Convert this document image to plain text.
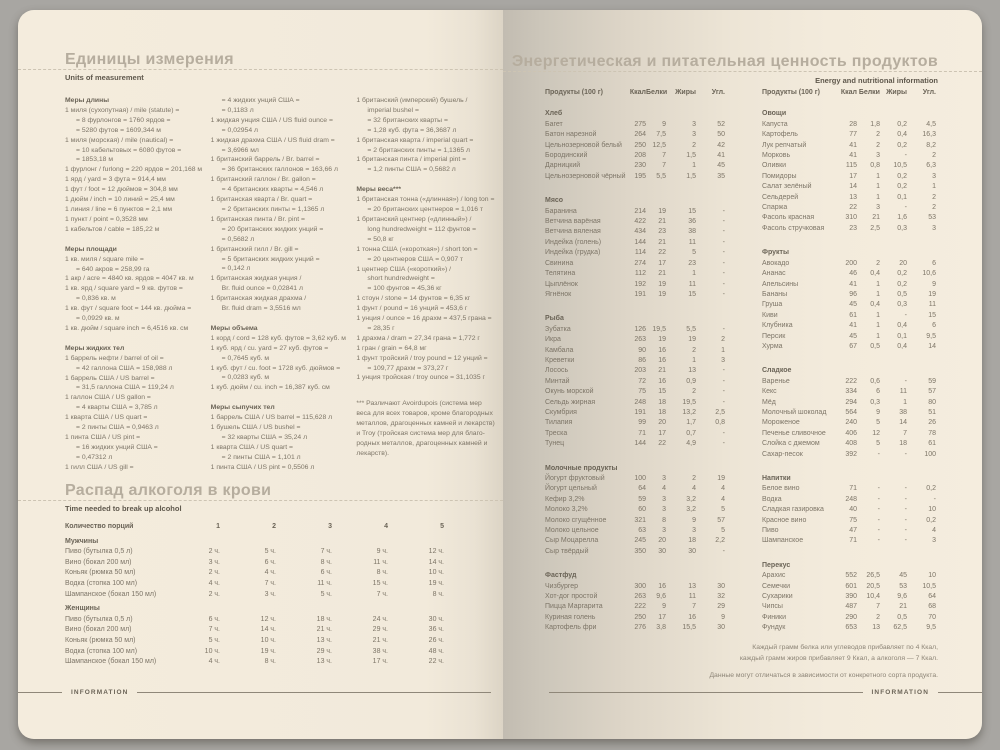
Единицы измерения
Units of measurement
Меры длины
1 миля (сухопутная) / mile (statute) =
= 8 фурлонгов = 1760 ярдов =
= 5280 футов = 1609,344 м
1 миля (морская) / mile (nautical) =
= 10 кабельтовых = 6080 футов =
= 1853,18 м
1 фурлонг / furlong = 220 ярдов = 201,168 м
1 ярд / yard = 3 фута = 914,4 мм
1 фут / foot = 12 дюймов = 304,8 мм
1 дюйм / inch = 10 линий = 25,4 мм
1 линия / line = 6 пунктов = 2,1 мм
1 пункт / point = 0,3528 мм
1 кабельтов / cable = 185,22 м
Меры площади
1 кв. миля / square mile =
= 640 акров = 258,99 га
1 акр / acre = 4840 кв. ярдов = 4047 кв. м
1 кв. ярд / square yard = 9 кв. футов =
= 0,836 кв. м
1 кв. фут / square foot = 144 кв. дюйма =
= 0,0929 кв. м
1 кв. дюйм / square inch = 6,4516 кв. см
Меры жидких тел
1 баррель нефти / barrel of oil =
= 42 галлона США = 158,988 л
1 баррель США / US barrel =
= 31,5 галлона США = 119,24 л
1 галлон США / US gallon =
= 4 кварты США = 3,785 л
1 кварта США / US quart =
= 2 пинты США = 0,9463 л
1 пинта США / US pint =
= 16 жидких унций США =
= 0,47312 л
1 гилл США / US gill =
= 4 жидких унций США =
= 0,1183 л
1 жидкая унция США / US fluid ounce =
= 0,02954 л
1 жидкая драхма США / US fluid dram =
= 3,6966 мл
1 британский баррель / Br. barrel =
= 36 британских галлонов = 163,66 л
1 британский галлон / Br. gallon =
= 4 британских кварты = 4,546 л
1 британская кварта / Br. quart =
= 2 британских пинты = 1,1365 л
1 британская пинта / Br. pint =
= 20 британских жидких унций =
= 0,5682 л
1 британский гилл / Br. gill =
= 5 британских жидких унций =
= 0,142 л
1 британская жидкая унция /
Br. fluid ounce = 0,02841 л
1 британская жидкая драхма /
Br. fluid dram = 3,5516 мл
Меры объема
1 корд / cord = 128 куб. футов = 3,62 куб. м
1 куб. ярд / cu. yard = 27 куб. футов =
= 0,7645 куб. м
1 куб. фут / cu. foot = 1728 куб. дюймов =
= 0,0283 куб. м
1 куб. дюйм / cu. inch = 16,387 куб. см
Меры сыпучих тел
1 баррель США / US barrel = 115,628 л
1 бушель США / US bushel =
= 32 кварты США = 35,24 л
1 кварта США / US quart =
= 2 пинты США = 1,101 л
1 пинта США / US pint = 0,5506 л
1 британский (имперский) бушель /
imperial bushel =
= 32 британских кварты =
= 1,28 куб. фута = 36,3687 л
1 британская кварта / imperial quart =
= 2 британских пинты = 1,1365 л
1 британская пинта / imperial pint =
= 1,2 пинты США = 0,5682 л
Меры веса***
1 британская тонна («длинная») / long ton =
= 20 британских центнеров = 1,016 т
1 британский центнер («длинный») /
long hundredweight = 112 фунтов =
= 50,8 кг
1 тонна США («короткая») / short ton =
= 20 центнеров США = 0,907 т
1 центнер США («короткий») /
short hundredweight =
= 100 фунтов = 45,36 кг
1 стоун / stone = 14 фунтов = 6,35 кг
1 фунт / pound = 16 унций = 453,6 г
1 унция / ounce = 16 драхм = 437,5 грана =
= 28,35 г
1 драхма / dram = 27,34 грана = 1,772 г
1 гран / grain = 64,8 мг
1 фунт тройский / troy pound = 12 унций =
= 109,77 драхм = 373,27 г
1 унция тройская / troy ounce = 31,1035 г
*** Различают Avoirdupois (система мер
веса для всех товаров, кроме благородных
металлов, драгоценных камней и лекарств)
и Troy (тройская система мер для благо-
родных металлов, драгоценных камней и
лекарств).
Распад алкоголя в крови
Time needed to break up alcohol
Количество порций	1	2	3	4	5
Мужчины
Пиво (бутылка 0,5 л)	2 ч.	5 ч.	7 ч.	9 ч.	12 ч.
Вино (бокал 200 мл)	3 ч.	6 ч.	8 ч.	11 ч.	14 ч.
Коньяк (рюмка 50 мл)	2 ч.	4 ч.	6 ч.	8 ч.	10 ч.
Водка (стопка 100 мл)	4 ч.	7 ч.	11 ч.	15 ч.	19 ч.
Шампанское (бокал 150 мл)	2 ч.	3 ч.	5 ч.	7 ч.	8 ч.
Женщины
Пиво (бутылка 0,5 л)	6 ч.	12 ч.	18 ч.	24 ч.	30 ч.
Вино (бокал 200 мл)	7 ч.	14 ч.	21 ч.	29 ч.	36 ч.
Коньяк (рюмка 50 мл)	5 ч.	10 ч.	13 ч.	21 ч.	26 ч.
Водка (стопка 100 мл)	10 ч.	19 ч.	29 ч.	38 ч.	48 ч.
Шампанское (бокал 150 мл)	4 ч.	8 ч.	13 ч.	17 ч.	22 ч.
INFORMATION
Энергетическая и питательная ценность продуктов
Energy and nutritional information
Продукты (100 г)	Ккал Белки	Жиры	Угл.
Хлеб
Багет	275	9	3	52
Батон нарезной	264	7,5	3	50
Цельнозерновой белый	250 12,5	2	42
Бородинский	208	7	1,5	41
Дарницкий	230	7	1	45
Цельнозерновой чёрный	195	5,5	1,5	35
Мясо
Баранина	214	19	15	-
Ветчина варёная	422	21	36	-
Ветчина вяленая	434	23	38	-
Индейка (голень)	144	21	11	-
Индейка (грудка)	114	22	5	-
Свинина	274	17	23	-
Телятина	112	21	1	-
Цыплёнок	192	19	11	-
Ягнёнок	191	19	15	-
Рыба
Зубатка	126 19,5	5,5	-
Икра	263	19	19	2
Камбала	90	16	2	1
Креветки	86	16	1	3
Лосось	203	21	13	-
Минтай	72	16	0,9	-
Окунь морской	75	15	2	-
Сельдь жирная	248	18	19,5	-
Скумбрия	191	18	13,2	2,5
Тилапия	99	20	1,7	0,8
Треска	71	17	0,7	-
Тунец	144	22	4,9	-
Молочные продукты
Йогурт фруктовый	100	3	2	19
Йогурт цельный	64	4	4	4
Кефир 3,2%	59	3	3,2	4
Молоко 3,2%	60	3	3,2	5
Молоко сгущённое	321	8	9	57
Молоко цельное	63	3	3	5
Сыр Моцарелла	245	20	18	2,2
Сыр твёрдый	350	30	30	-
Фастфуд
Чизбургер	300	16	13	30
Хот-дог простой	263	9,6	11	32
Пицца Маргарита	222	9	7	29
Куриная голень	250	17	16	9
Картофель фри	276	3,8	15,5	30
Продукты (100 г)	Ккал Белки Жиры	Угл.
Овощи
Капуста	28	1,8	0,2	4,5
Картофель	77	2	0,4	16,3
Лук репчатый	41	2	0,2	8,2
Морковь	41	3	-	2
Оливки	115	0,8	10,5	6,3
Помидоры	17	1	0,2	3
Салат зелёный	14	1	0,2	1
Сельдерей	13	1	0,1	2
Спаржа	22	3	-	2
Фасоль красная	310	21	1,6	53
Фасоль стручковая	23	2,5	0,3	3
Фрукты
Авокадо	200	2	20	6
Ананас	46	0,4	0,2	10,6
Апельсины	41	1	0,2	9
Бананы	96	1	0,5	19
Груша	45	0,4	0,3	11
Киви	61	1	-	15
Клубника	41	1	0,4	6
Персик	45	1	0,1	9,5
Хурма	67	0,5	0,4	14
Сладкое
Варенье	222	0,6	-	59
Кекс	334	6	11	57
Мёд	294	0,3	1	80
Молочный шоколад	564	9	38	51
Мороженое	240	5	14	26
Печенье сливочное	406	12	7	78
Слойка с джемом	408	5	18	61
Сахар-песок	392	-	-	100
Напитки
Белое вино	71	-	-	0,2
Водка	248	-	-	-
Сладкая газировка	40	-	-	10
Красное вино	75	-	-	0,2
Пиво	47	-	-	4
Шампанское	71	-	-	3
Перекус
Арахис	552	26,5	45	10
Семечки	601	20,5	53	10,5
Сухарики	390	10,4	9,6	64
Чипсы	487	7	21	68
Финики	290	2	0,5	70
Фундук	653	13	62,5	9,5
Каждый грамм белка или углеводов прибавляет по 4 Ккал,
каждый грамм жиров прибавляет 9 Ккал, а алкоголя — 7 Ккал.
Данные могут отличаться в зависимости от конкретного сорта продукта.
INFORMATION
